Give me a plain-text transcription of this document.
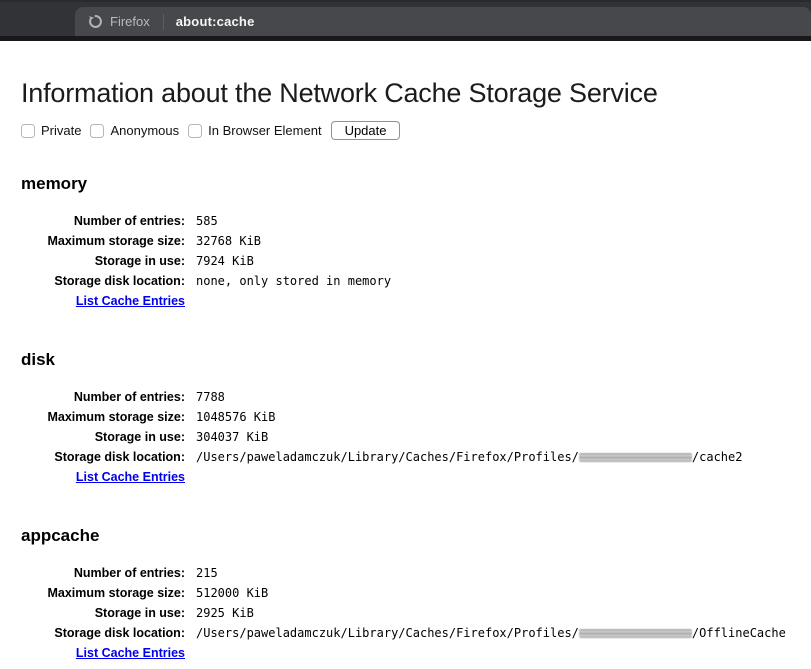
Firefox about:cache
Information about the Network Cache Storage Service
Private Anonymous In Browser Element	Update
memory
Number of entries: 585
Maximum storage size: 32768 KiB
Storage in use: 7924 KiB
Storage disk location: none, only stored in memory
List Cache Entries
disk
Number of entries: 7788
Maximum storage size: 1048576 KiB
Storage in use: 304037 KiB
Storage disk location: /Users/paweladamczuk/Library/Caches/Firefox/Profiles/	/cache2
List Cache Entries
appcache
Number of entries: 215
Maximum storage size: 512000 KiB
Storage in use: 2925 KiB
Storage disk location: /Users/paweladamczuk/Library/Caches/Firefox/Profiles/	/OfflineCache
List Cache Entries
